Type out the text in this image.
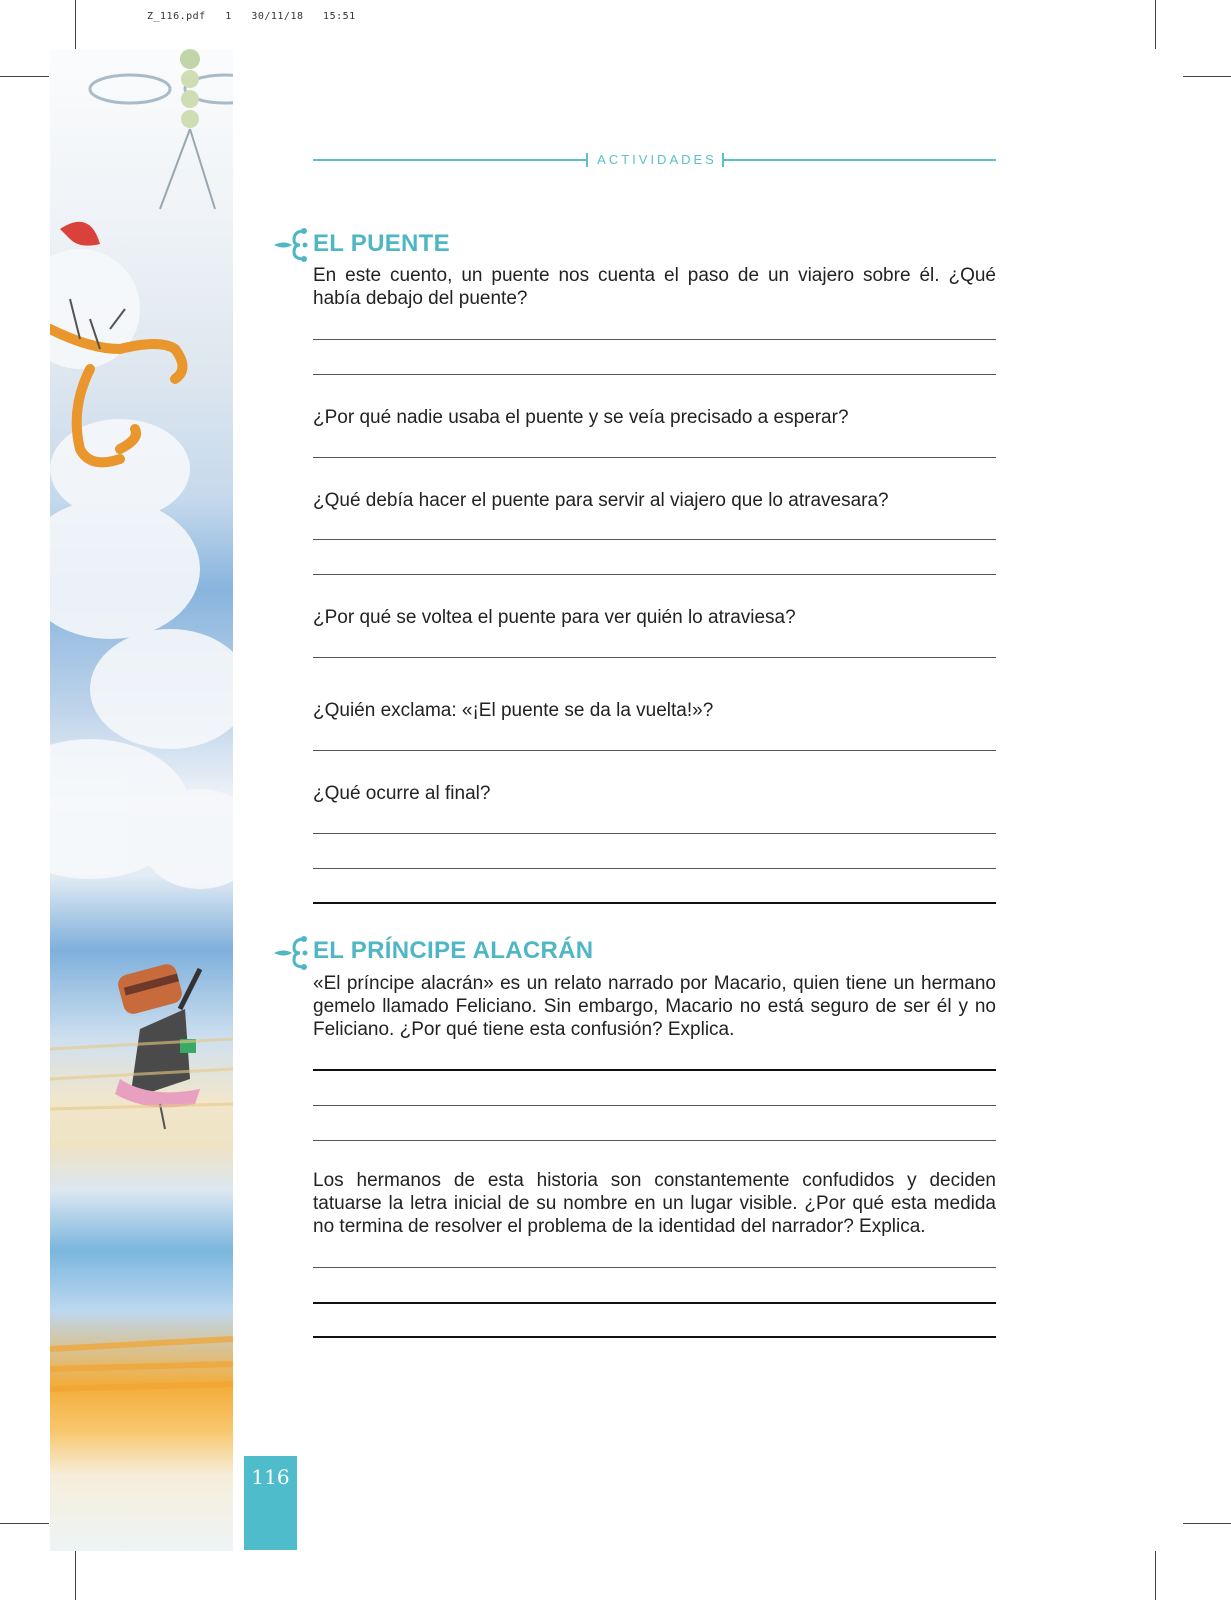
Z_116.pdf   1   30/11/18   15:51
116
ACTIVIDADES
EL PUENTE
En este cuento, un puente nos cuenta el paso de un viajero sobre él. ¿Qué había debajo del puente?
¿Por qué nadie usaba el puente y se veía precisado a esperar?
¿Qué debía hacer el puente para servir al viajero que lo atravesara?
¿Por qué se voltea el puente para ver quién lo atraviesa?
¿Quién exclama: «¡El puente se da la vuelta!»?
¿Qué ocurre al final?
EL PRÍNCIPE ALACRÁN
«El príncipe alacrán» es un relato narrado por Macario, quien tiene un hermano gemelo llamado Feliciano. Sin embargo, Macario no está seguro de ser él y no Feliciano. ¿Por qué tiene esta confusión? Explica.
Los hermanos de esta historia son constantemente confudidos y deciden tatuarse la letra inicial de su nombre en un lugar visible. ¿Por qué esta medida no termina de resolver el problema de la identidad del narrador? Explica.
